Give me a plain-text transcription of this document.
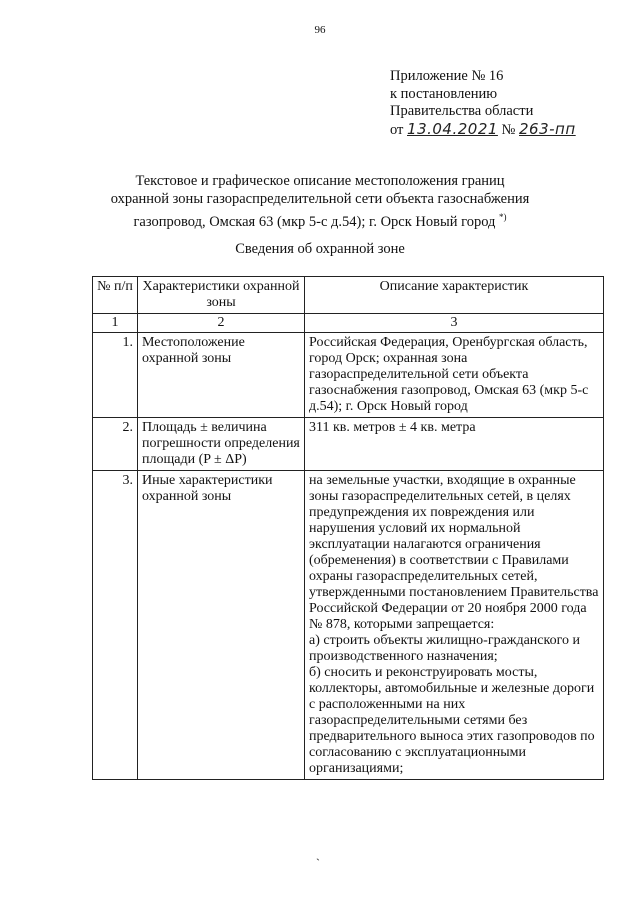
96
Приложение № 16
к постановлению
Правительства области
от 13.04.2021 № 263-пп
Текстовое и графическое описание местоположения границ
охранной зоны газораспределительной сети объекта газоснабжения
газопровод, Омская 63 (мкр 5-с д.54); г. Орск Новый город *)
Сведения об охранной зоне
№ п/п	Характеристики охранной зоны	Описание характеристик
1	2	3
1.	Местоположение охранной зоны	Российская Федерация, Оренбургская область, город Орск; охранная зона газораспределительной сети объекта газоснабжения газопровод, Омская 63 (мкр 5-с д.54); г. Орск Новый город
2.	Площадь ± величина погрешности определения площади (P ± ΔP)	311 кв. метров ± 4 кв. метра
3.	Иные характеристики охранной зоны	на земельные участки, входящие в охранные зоны газораспределительных сетей, в целях предупреждения их повреждения или нарушения условий их нормальной эксплуатации налагаются ограничения (обременения) в соответствии с Правилами охраны газораспределительных сетей, утвержденными постановлением Правительства Российской Федерации от 20 ноября 2000 года № 878, которыми запрещается:

а) строить объекты жилищно-гражданского и производственного назначения;

б) сносить и реконструировать мосты, коллекторы, автомобильные и железные дороги с расположенными на них газораспределительными сетями без предварительного выноса этих газопроводов по согласованию с эксплуатационными организациями;

`
